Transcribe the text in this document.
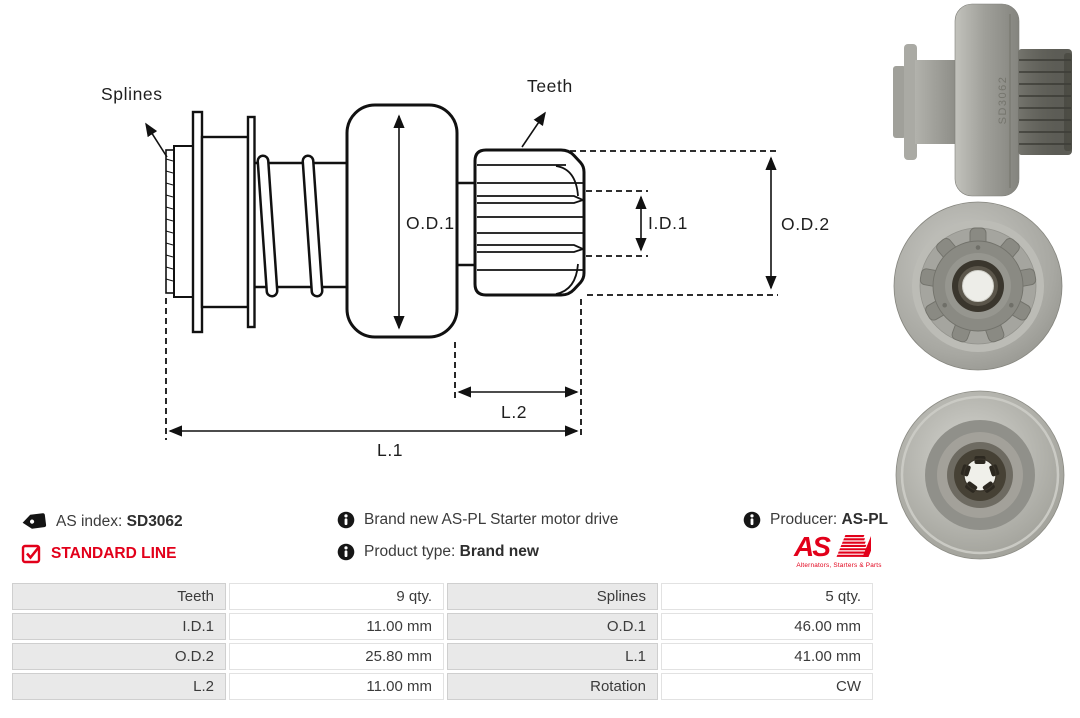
Splines	Teeth
O.D.1	I.D.1	O.D.2
L.2
L.1
SD3062
AS index: SD3062
STANDARD LINE
Brand new AS-PL Starter motor drive
Product type: Brand new
Producer: AS-PL
AS
Alternators, Starters & Parts
Teeth	9 qty.	Splines	5 qty.
I.D.1	11.00 mm	O.D.1	46.00 mm
O.D.2	25.80 mm	L.1	41.00 mm
L.2	11.00 mm	Rotation	CW
